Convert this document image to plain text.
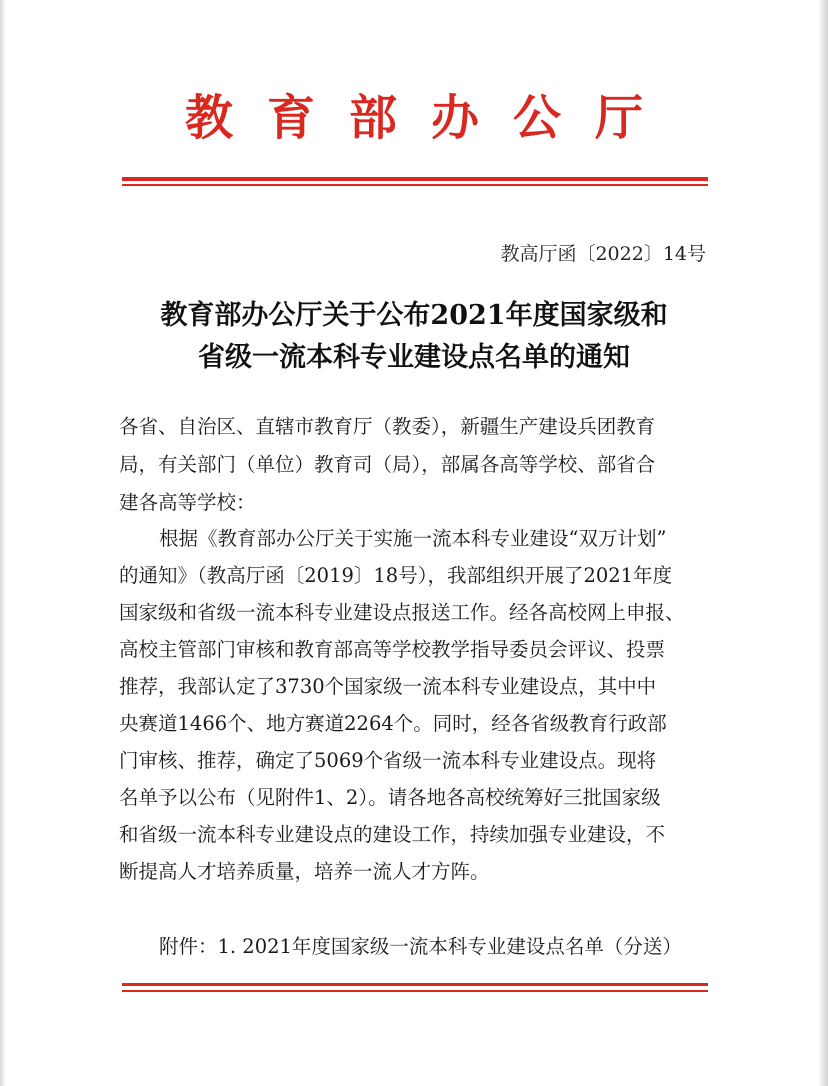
教育部办公厅
教高厅函〔2022〕14号
教育部办公厅关于公布2021年度国家级和
省级一流本科专业建设点名单的通知
各省、自治区、直辖市教育厅（教委），新疆生产建设兵团教育
局，有关部门（单位）教育司（局），部属各高等学校、部省合
建各高等学校：
根据《教育部办公厅关于实施一流本科专业建设“双万计划”
的通知》（教高厅函〔2019〕18号），我部组织开展了2021年度
国家级和省级一流本科专业建设点报送工作。经各高校网上申报、
高校主管部门审核和教育部高等学校教学指导委员会评议、投票
推荐，我部认定了3730个国家级一流本科专业建设点，其中中
央赛道1466个、地方赛道2264个。同时，经各省级教育行政部
门审核、推荐，确定了5069个省级一流本科专业建设点。现将
名单予以公布（见附件1、2）。请各地各高校统筹好三批国家级
和省级一流本科专业建设点的建设工作，持续加强专业建设，不
断提高人才培养质量，培养一流人才方阵。
附件：1. 2021年度国家级一流本科专业建设点名单（分送）
